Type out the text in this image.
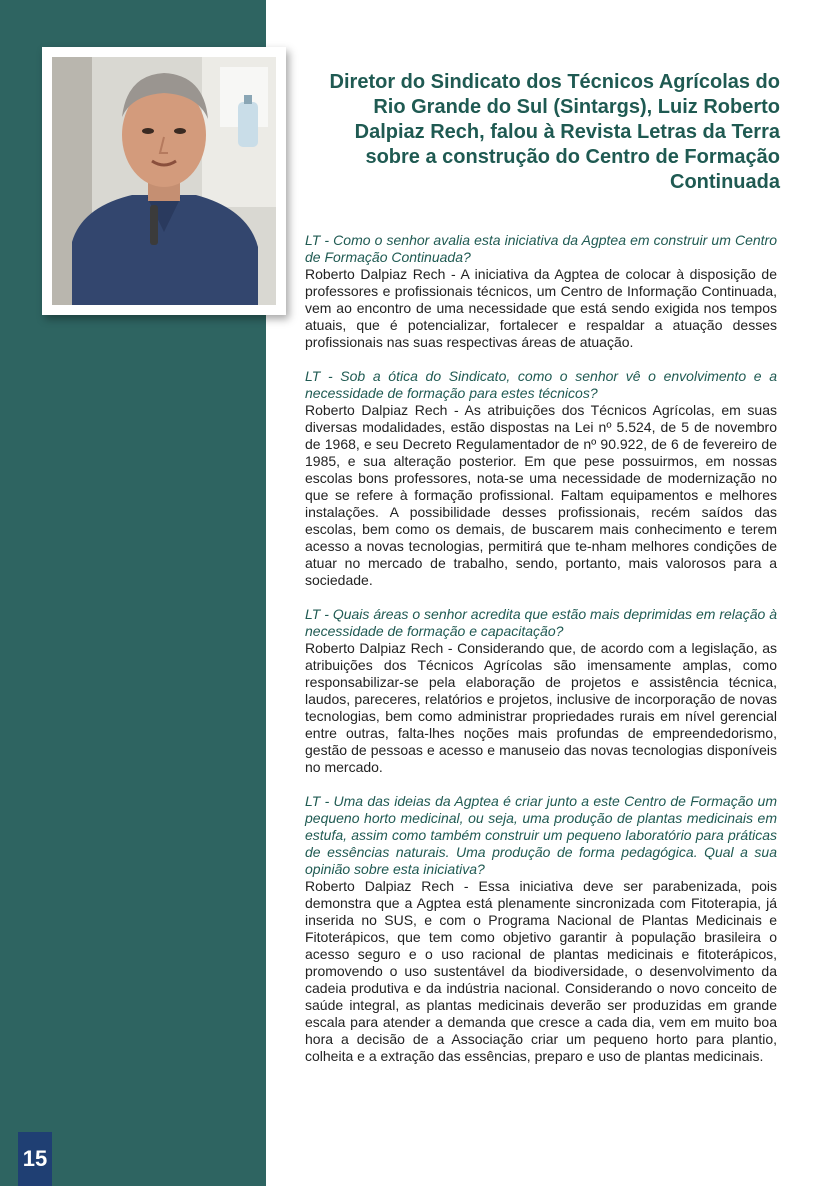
Diretor do Sindicato dos Técnicos Agrícolas do Rio Grande do Sul (Sintargs), Luiz Roberto Dalpiaz Rech, falou à Revista Letras da Terra sobre a construção do Centro de Formação Continuada

LT - Como o senhor avalia esta iniciativa da Agptea em construir um Centro de Formação Continuada?

Roberto Dalpiaz Rech - A iniciativa da Agptea de colocar à disposição de professores e profissionais técnicos, um Centro de Informação Continuada, vem ao encontro de uma necessidade que está sendo exigida nos tempos atuais, que é potencializar, fortalecer e respaldar a atuação desses profissionais nas suas respectivas áreas de atuação.

LT - Sob a ótica do Sindicato, como o senhor vê o envolvimento e a necessidade de formação para estes técnicos?

Roberto Dalpiaz Rech - As atribuições dos Técnicos Agrícolas, em suas diversas modalidades, estão dispostas na Lei nº 5.524, de 5 de novembro de 1968, e seu Decreto Regulamentador de nº 90.922, de 6 de fevereiro de 1985, e sua alteração posterior. Em que pese possuirmos, em nossas escolas bons professores, nota-se uma necessidade de modernização no que se refere à formação profissional. Faltam equipamentos e melhores instalações. A possibilidade desses profissionais, recém saídos das escolas, bem como os demais, de buscarem mais conhecimento e terem acesso a novas tecnologias, permitirá que te-nham melhores condições de atuar no mercado de trabalho, sendo, portanto, mais valorosos para a sociedade.

LT - Quais áreas o senhor acredita que estão mais deprimidas em relação à necessidade de formação e capacitação?

Roberto Dalpiaz Rech - Considerando que, de acordo com a legislação, as atribuições dos Técnicos Agrícolas são imensamente amplas, como responsabilizar-se pela elaboração de projetos e assistência técnica, laudos, pareceres, relatórios e projetos, inclusive de incorporação de novas tecnologias, bem como administrar propriedades rurais em nível gerencial entre outras, falta-lhes noções mais profundas de empreendedorismo, gestão de pessoas e acesso e manuseio das novas tecnologias disponíveis no mercado.

LT - Uma das ideias da Agptea é criar junto a este Centro de Formação um pequeno horto medicinal, ou seja, uma produção de plantas medicinais em estufa, assim como também construir um pequeno laboratório para práticas de essências naturais. Uma produção de forma pedagógica. Qual a sua opinião sobre esta iniciativa?

Roberto Dalpiaz Rech - Essa iniciativa deve ser parabenizada, pois demonstra que a Agptea está plenamente sincronizada com Fitoterapia, já inserida no SUS, e com o Programa Nacional de Plantas Medicinais e Fitoterápicos, que tem como objetivo garantir à população brasileira o acesso seguro e o uso racional de plantas medicinais e fitoterápicos, promovendo o uso sustentável da biodiversidade, o desenvolvimento da cadeia produtiva e da indústria nacional. Considerando o novo conceito de saúde integral, as plantas medicinais deverão ser produzidas em grande escala para atender a demanda que cresce a cada dia, vem em muito boa hora a decisão de a Associação criar um pequeno horto para plantio, colheita e a extração das essências, preparo e uso de plantas medicinais.

15
